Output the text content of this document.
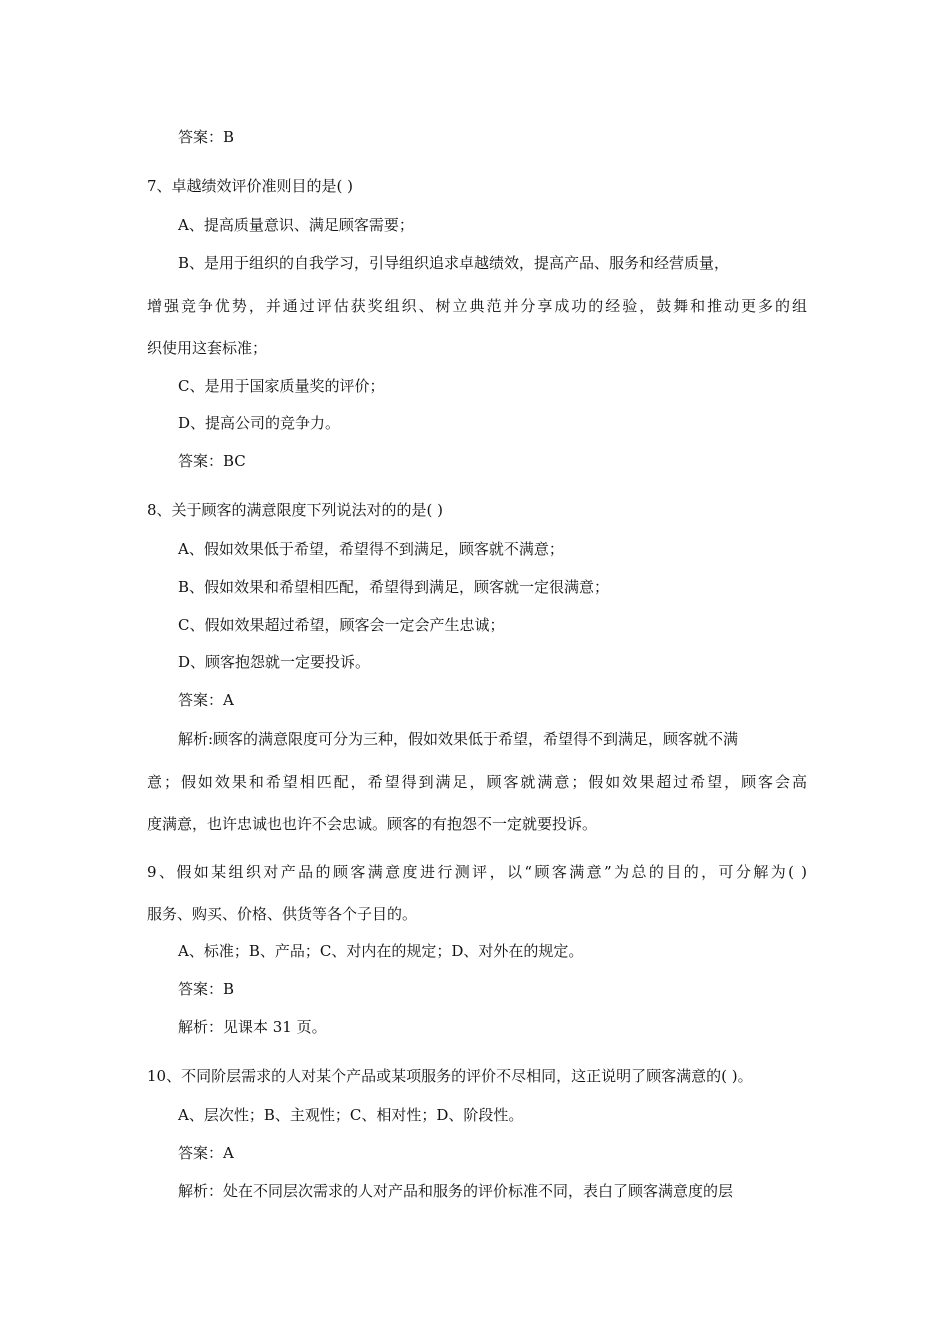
答案：B
7、卓越绩效评价准则目的是( )
A、提高质量意识、满足顾客需要；
B、是用于组织的自我学习，引导组织追求卓越绩效，提高产品、服务和经营质量，
增强竞争优势，并通过评估获奖组织、树立典范并分享成功的经验，鼓舞和推动更多的组
织使用这套标准；
C、是用于国家质量奖的评价；
D、提高公司的竞争力。
答案：BC
8、关于顾客的满意限度下列说法对的的是( )
A、假如效果低于希望，希望得不到满足，顾客就不满意；
B、假如效果和希望相匹配，希望得到满足，顾客就一定很满意；
C、假如效果超过希望，顾客会一定会产生忠诚；
D、顾客抱怨就一定要投诉。
答案：A
解析:顾客的满意限度可分为三种，假如效果低于希望，希望得不到满足，顾客就不满
意；假如效果和希望相匹配，希望得到满足，顾客就满意；假如效果超过希望，顾客会高
度满意，也许忠诚也也许不会忠诚。顾客的有抱怨不一定就要投诉。
9、假如某组织对产品的顾客满意度进行测评，以“顾客满意”为总的目的，可分解为( )
服务、购买、价格、供货等各个子目的。
A、标准；B、产品；C、对内在的规定；D、对外在的规定。
答案：B
解析：见课本 31 页。
10、不同阶层需求的人对某个产品或某项服务的评价不尽相同，这正说明了顾客满意的( )。
A、层次性；B、主观性；C、相对性；D、阶段性。
答案：A
解析：处在不同层次需求的人对产品和服务的评价标准不同，表白了顾客满意度的层
